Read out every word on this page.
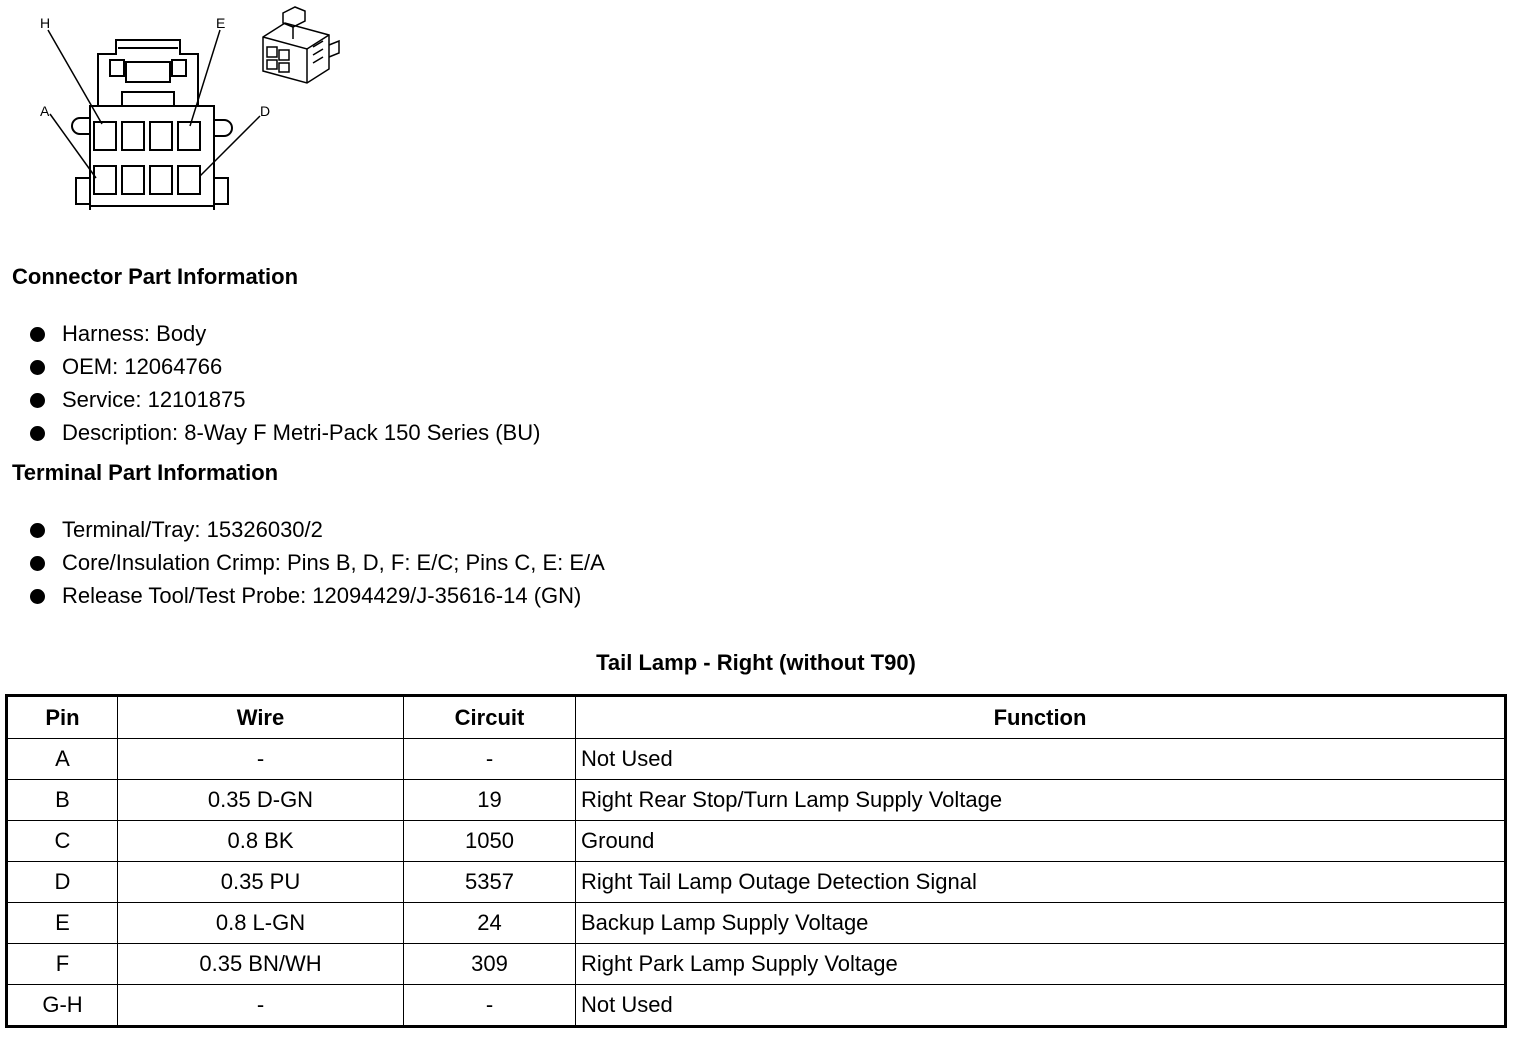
H	E
A	D
Connector Part Information
Harness: Body
OEM: 12064766
Service: 12101875
Description: 8-Way F Metri-Pack 150 Series (BU)
Terminal Part Information
Terminal/Tray: 15326030/2
Core/Insulation Crimp: Pins B, D, F: E/C; Pins C, E: E/A
Release Tool/Test Probe: 12094429/J-35616-14 (GN)
Tail Lamp - Right (without T90)
Pin	Wire	Circuit	Function
A	-	-	Not Used
B	0.35 D-GN	19	Right Rear Stop/Turn Lamp Supply Voltage
C	0.8 BK	1050	Ground
D	0.35 PU	5357	Right Tail Lamp Outage Detection Signal
E	0.8 L-GN	24	Backup Lamp Supply Voltage
F	0.35 BN/WH	309	Right Park Lamp Supply Voltage
G-H	-	-	Not Used
